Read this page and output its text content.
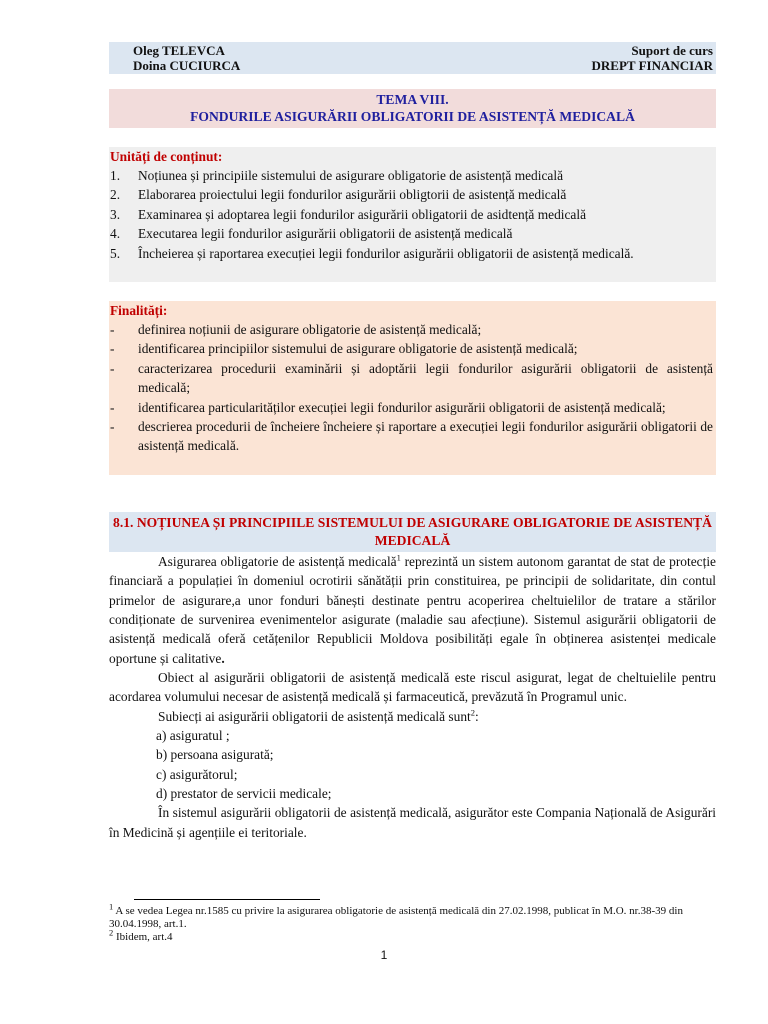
Oleg TELEVCA
Doina CUCIURCA
Suport de curs
DREPT FINANCIAR
TEMA VIII.
FONDURILE ASIGURĂRII OBLIGATORII DE ASISTENȚĂ MEDICALĂ
Unități de conținut:
1. Noțiunea și principiile sistemului de asigurare obligatorie de asistență medicală
2. Elaborarea proiectului legii fondurilor asigurării obligtorii de asistență medicală
3. Examinarea și adoptarea legii fondurilor asigurării obligatorii de asidtență medicală
4. Executarea legii fondurilor asigurării obligatorii de asistență medicală
5. Încheierea și raportarea execuției legii fondurilor asigurării obligatorii de asistență medicală.
Finalități:
- definirea noțiunii de asigurare obligatorie de asistență medicală;
- identificarea principiilor sistemului de asigurare obligatorie de asistență medicală;
- caracterizarea procedurii examinării și adoptării legii fondurilor asigurării obligatorii de asistență medicală;
- identificarea particularităților execuției legii fondurilor asigurării obligatorii de asistență medicală;
- descrierea procedurii de încheiere încheiere și raportare a execuției legii fondurilor asigurării obligatorii de asistență medicală.
8.1. NOȚIUNEA ȘI PRINCIPIILE SISTEMULUI DE ASIGURARE OBLIGATORIE DE ASISTENȚĂ MEDICALĂ

Asigurarea obligatorie de asistență medicală$^1$ reprezintă un sistem autonom garantat de stat de protecție financiară a populației în domeniul ocrotirii sănătății prin constituirea, pe principii de solidaritate, din contul primelor de asigurare,a unor fonduri bănești destinate pentru acoperirea cheltuielilor de tratare a stărilor condiționate de survenirea evenimentelor asigurate (maladie sau afecțiune). Sistemul asigurării obligatorii de asistență medicală oferă cetățenilor Republicii Moldova posibilități egale în obținerea asistenței medicale oportune și calitative.

Obiect al asigurării obligatorii de asistență medicală este riscul asigurat, legat de cheltuielile pentru acordarea volumului necesar de asistență medicală și farmaceutică, prevăzută în Programul unic.

Subiecți ai asigurării obligatorii de asistență medicală sunt$^2$:

a) asiguratul ;

b) persoana asigurată;

c) asigurătorul;

d) prestator de servicii medicale;

În sistemul asigurării obligatorii de asistență medicală, asigurător este Compania Națională de Asigurări în Medicină și agențiile ei teritoriale.

$^1$ A se vedea Legea nr.1585 cu privire la asigurarea obligatorie de asistență medicală din 27.02.1998, publicat în M.O. nr.38-39 din 30.04.1998, art.1.

$^2$ Ibidem, art.4

1
